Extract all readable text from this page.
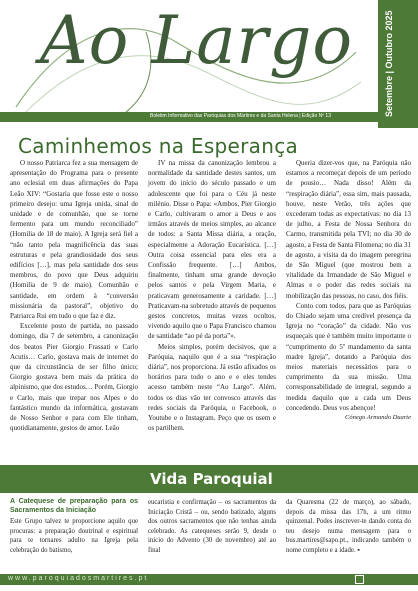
Ao Largo
Boletim Informativo das Paróquias dos Mártires e da Santa Helena | Edição Nº 13	Setembre | Outubro 2025
Caminhemos na Esperança

O nosso Patriarca fez a sua mensagem de apresentação do Programa para o presente ano eclesial em duas afirmações do Papa Leão XIV: “Gostaria que fosse este o nosso primeiro desejo: uma Igreja unida, sinal de unidade e de comunhão, que se torne fermento para um mundo reconciliado” (Homilia de 18 de maio). A Igreja será fiel a “não tanto pela magnificência das suas estruturas e pela grandiosidade dos seus edifícios […], mas pela santidade dos seus membros, do povo que Deus adquiriu (Homilia de 9 de maio). Comunhão e santidade, em ordem à “conversão missionária da pastoral”, objetivo do Patriarca Rui em tudo o que faz e diz.

Excelente posto de partida, no passado domingo, dia 7 de setembro, a canonização dos beatos Pier Giorgio Frassati e Carlo Acutis… Carlo, gostava mais de internet do que da circunstância de ser filho único; Giorgio gostava bem mais da prática do alpinismo, que dos estudos… Porém, Giorgio e Carlo, mais que trepar nos Alpes e do fantástico mundo da informática, gostavam de Nosso Senhor e para com Ele tinham, quotidianamente, gestos de amor. Leão

IV na missa da canonização lembrou a normalidade da santidade destes santos, um jovem do início do século passado e um adolescente que foi para o Céu já neste milénio. Disse o Papa: «Ambos, Pier Giorgio e Carlo, cultivaram o amor a Deus e aos irmãos através de meios simples, ao alcance de todos: a Santa Missa diária, a oração, especialmente a Adoração Eucarística. […] Outra coisa essencial para eles era a Confissão frequente. […] Ambos, finalmente, tinham uma grande devoção pelos santos e pela Virgem Maria, e praticavam generosamente a caridade. […] Praticavam-na sobretudo através de pequenos gestos concretos, muitas vezes ocultos, vivendo aquilo que o Papa Francisco chamou de santidade “ao pé da porta”».

Meios simples, porém decisivos, que a Paróquia, naquilo que é a sua “respiração diária”, nos proporciona. Já estão afixados os horários para todo o ano e e eles tendes acesso também neste “Ao Largo”. Além, todos os dias vão ter convosco através das redes sociais da Paróquia, o Facebook, o Youtube e o Instagram. Peço que os usem e os partilhem.

Queria dizer-vos que, na Paróquia não estamos a recomeçar depois de um período de pousio… Nada disso! Além da “respiração diária”, essa sim, mais pausada, houve, neste Verão, três ações que excederam todas as expectativas: no dia 13 de julho, a Festa de Nossa Senhora do Carmo, transmitida pela TVI; no dia 30 de agosto, a Festa de Santa Filomena; no dia 31 de agosto, a visita da do imagem peregrina de São Miguel (que mostrou bem a vitalidade da Irmandade de São Miguel e Almas e o poder das redes sociais na mobilização das pessoas, no caso, dos fiéis.

Conto com todos, para que as Paróquias do Chiado sejam uma credível presença da Igreja no “coração” da cidade. Não vos esqueçais que é também muito importante o “cumprimento do 5º mandamento da santa madre Igreja”, dotando a Paróquia dos meios materiais necessários para o cumprimento da sua missão. Uma corresponsabilidade de integral, segundo a medida daquilo que a cada um Deus concedendo. Deus vos abençoe!

Cónego Armando Duarte

Vida Paroquial
A Catequese de preparação para os Sacramentos da Iniciação

Este Grupo talvez te proporcione aquilo que procuras: a preparação doutrinal e espiritual para te tornares adulto na Igreja pela celebração do batismo,

eucaristia e confirmação – os sacramentos da Iniciação Cristã – ou, sendo batizado, alguns dos outros sacramentos que não tenhas ainda celebrado. As catequeses serão 9, desde o início do Advento (30 de novembro) até ao final

da Quaresma (22 de março), ao sábado, depois da missa das 17h, a um ritmo quinzenal. Podes inscrever-te dando conta do teu desejo numa mensagem para o bus.martires@sapo.pt., indicando também o nome completo e a idade. ▪

www.paroquiadosmartires.pt
